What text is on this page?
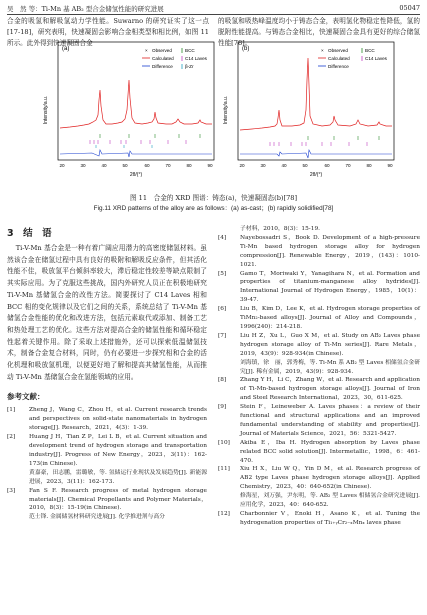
吴　然 等：Ti-Mn 基 AB₂ 型合金储氢性能的研究进展	05047
合金的吸氢和解吸氢动力学性能。Suwarno 的研究证实了这一点[17-18]，研究表明，快速凝固会影响合金相类型和相比例，如图 11 所示。此外得到快速凝固合金
的吸氢和吸热峰温度均小于铸态合金，表明氢化物稳定性降低，氢的脱附性能提高。与铸态合金相比，快速凝固合金具有更好的综合储氢性能[78]。
Intensity/a.u.
(a)	× Observed
Calculated
Difference
BCC
C14 Laves
β-Zr
20	30	40	50	60	70	80	90
2θ/(°)
Intensity/a.u.
(b)	× Observed
Calculated
Difference
BCC
C14 Laves
20	30	40	50	60	70	80	90
2θ/(°)
图 11　合金的 XRD 图谱：铸态(a)，快速凝固态(b)[78]
Fig.11 XRD patterns of the alloy are as follows：(a) as-cast；(b) rapidly solidified[78]
3　 结　语

Ti-V-Mn 基合金是一种有着广阔应用潜力的高密度储氢材料。虽然该合金在储氢过程中具有良好的吸附和解吸反应条件，但其活化性能不佳，吸放氢平台倾斜率较大，滞后稳定性较差等缺点限制了其实际应用。为了克服这些挑战，国内外研究人员正在积极地研究 Ti-V-Mn 基储氢合金的改性方法。简要探讨了 C14 Laves 相和 BCC 相的变化规律以及它们之间的关系，系统总结了 Ti-V-Mn 基储氢合金性能的优化和改进方法，包括元素取代或添加、制备工艺和热处理工艺的优化。这些方法对提高合金的储氢性能和循环稳定性起着关键作用。除了采取上述措施外，还可以探索低温储氢技术，制备合金复合材料，同时，仍有必要进一步探究相和合金的活化机理和吸放氢机理，以便更好地了解和提高其储氢性能，从而推动 Ti-V-Mn 基储氢合金在氢能领域的应用。

参考文献：
[1]	Zheng J，Wang C，Zhou H，et al. Current research trends and perspectives on solid-state nanomaterials in hydrogen storage[J]. Research，2021，4(3)：1-39.
[2]	Huang J H，Tian Z P，Lei L B，et al. Current situation and development trend of hydrogen storage and transportation industry[J]. Progress of New Energy，2023，3(11)：162-173(in Chinese).
黄嘉豪，田志鹏，雷璐敏，等. 氢储运行业现状及发展趋势[J]. 新能源进展，2023，3(11)：162-173.
[3]	Fan S F. Research progress of metal hydrogen storage materials[J]. Chemical Propellants and Polymer Materials，2010，8(3)：15-19(in Chinese).
范士锋. 金属储氢材料研究进展[J]. 化学推进剂与高分
子材料，2010，8(3)：15-19.
[4]	Nayebossadri S，Book D. Development of a high-pressure Ti-Mn based hydrogen storage alloy for hydrogen compression[J]. Renewable Energy，2019，(143)：1010-1021.
[5]	Gamo T，Moriwaki Y，Yanagihara N，et al. Formation and properties of titanium-manganese alloy hydrides[J]. International Journal of Hydrogen Energy，1985，10(1)：39-47.
[6]	Liu B，Kim D，Lee K，et al. Hydrogen storage properties of TiMn₂-based alloys[J]. Journal of Alloy and Compounds，1996(240)：214-218.
[7]	Liu H Z，Xu L，Guo X M，et al. Study on AB₂ Laves phase hydrogen storage alloy of Ti-Mn series[J]. Rare Metals，2019，43(9)：928-934(in Chinese).
刘海镇，徐　丽，郭秀梅，等. Ti-Mn 系 AB₂ 型 Laves 相储氢合金研究[J]. 稀有金属，2019，43(9)：928-934.
[8]	Zhang Y H，Li C，Zhang W，et al. Research and application of Ti-Mn-based hydrogen storage alloys[J]. Journal of Iron and Steel Research International，2023，30，611-625.
[9]	Stein F，Leineweber A. Laves phases：a review of their functional and structural applications and an improved fundamental understanding of stability and properties[J]. Journal of Materials Science，2021，56：5321-5427.
[10]	Akiba E，Iba H. Hydrogen absorption by Laves phase related BCC solid solution[J]. Intermetallic，1998，6：461-470.
[11]	Xiu H X，Liu W Q，Yin D M，et al. Research progress of AB2 type Laves phase hydrogen storage alloys[J]. Applied Chemistry，2023，40：640-652(in Chinese).
修海星，刘万强，尹东明，等. AB₂ 型 Laves 相储氢合金研究进展[J]. 应用化学，2023，40：640-652.
[12]	Charbonnier V，Enoki H，Asano K，et al. Tuning the hydrogenation properties of Ti₁₊ᵧCr₂₋ₓMnₓ laves phase
